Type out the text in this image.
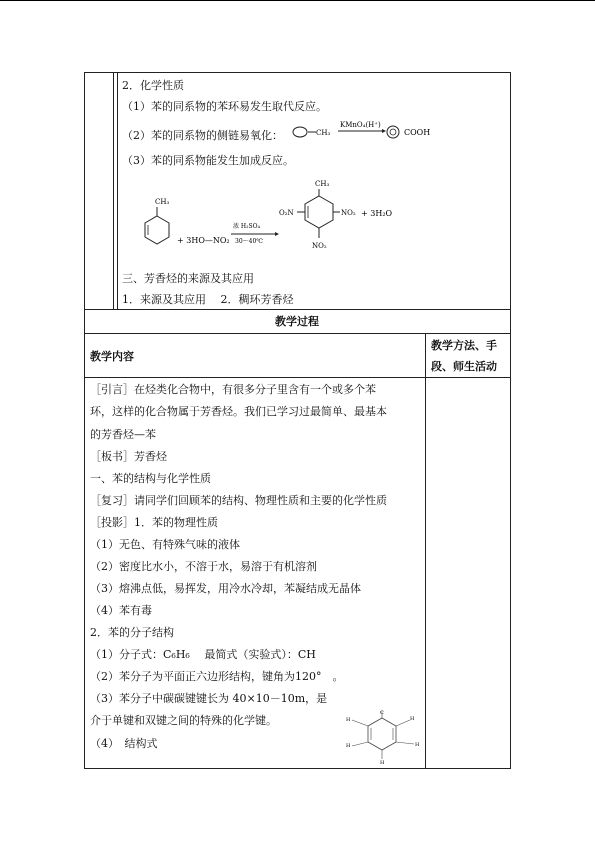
2．化学性质
（1）苯的同系物的苯环易发生取代反应。
（2）苯的同系物的侧链易氧化：
（3）苯的同系物能发生加成反应。
CH₃
KMnO₄(H⁺)
COOH
CH₃
+ 3HO—NO₂
浓 H₂SO₄
30～40℃
CH₃
O₂N	NO₂
NO₂
+ 3H₂O
三、芳香烃的来源及其应用
1．来源及其应用　 2．稠环芳香烃
教学过程
教学内容
教学方法、手
段、师生活动
［引言］在烃类化合物中，有很多分子里含有一个或多个苯
环，这样的化合物属于芳香烃。我们已学习过最简单、最基本
的芳香烃—苯
［板书］芳香烃
一、苯的结构与化学性质
［复习］请同学们回顾苯的结构、物理性质和主要的化学性质
［投影］1．苯的物理性质
（1）无色、有特殊气味的液体
（2）密度比水小，不溶于水，易溶于有机溶剂
（3）熔沸点低，易挥发，用冷水冷却，苯凝结成无晶体
（4）苯有毒
2．苯的分子结构
（1）分子式：C₆H₆　 最简式（实验式）：CH
（2）苯分子为平面正六边形结构，键角为120°　。
（3）苯分子中碳碳键键长为 40×10－10m，是
介于单键和双键之间的特殊的化学键。
（4）　结构式
H
C
H
H	H
H
